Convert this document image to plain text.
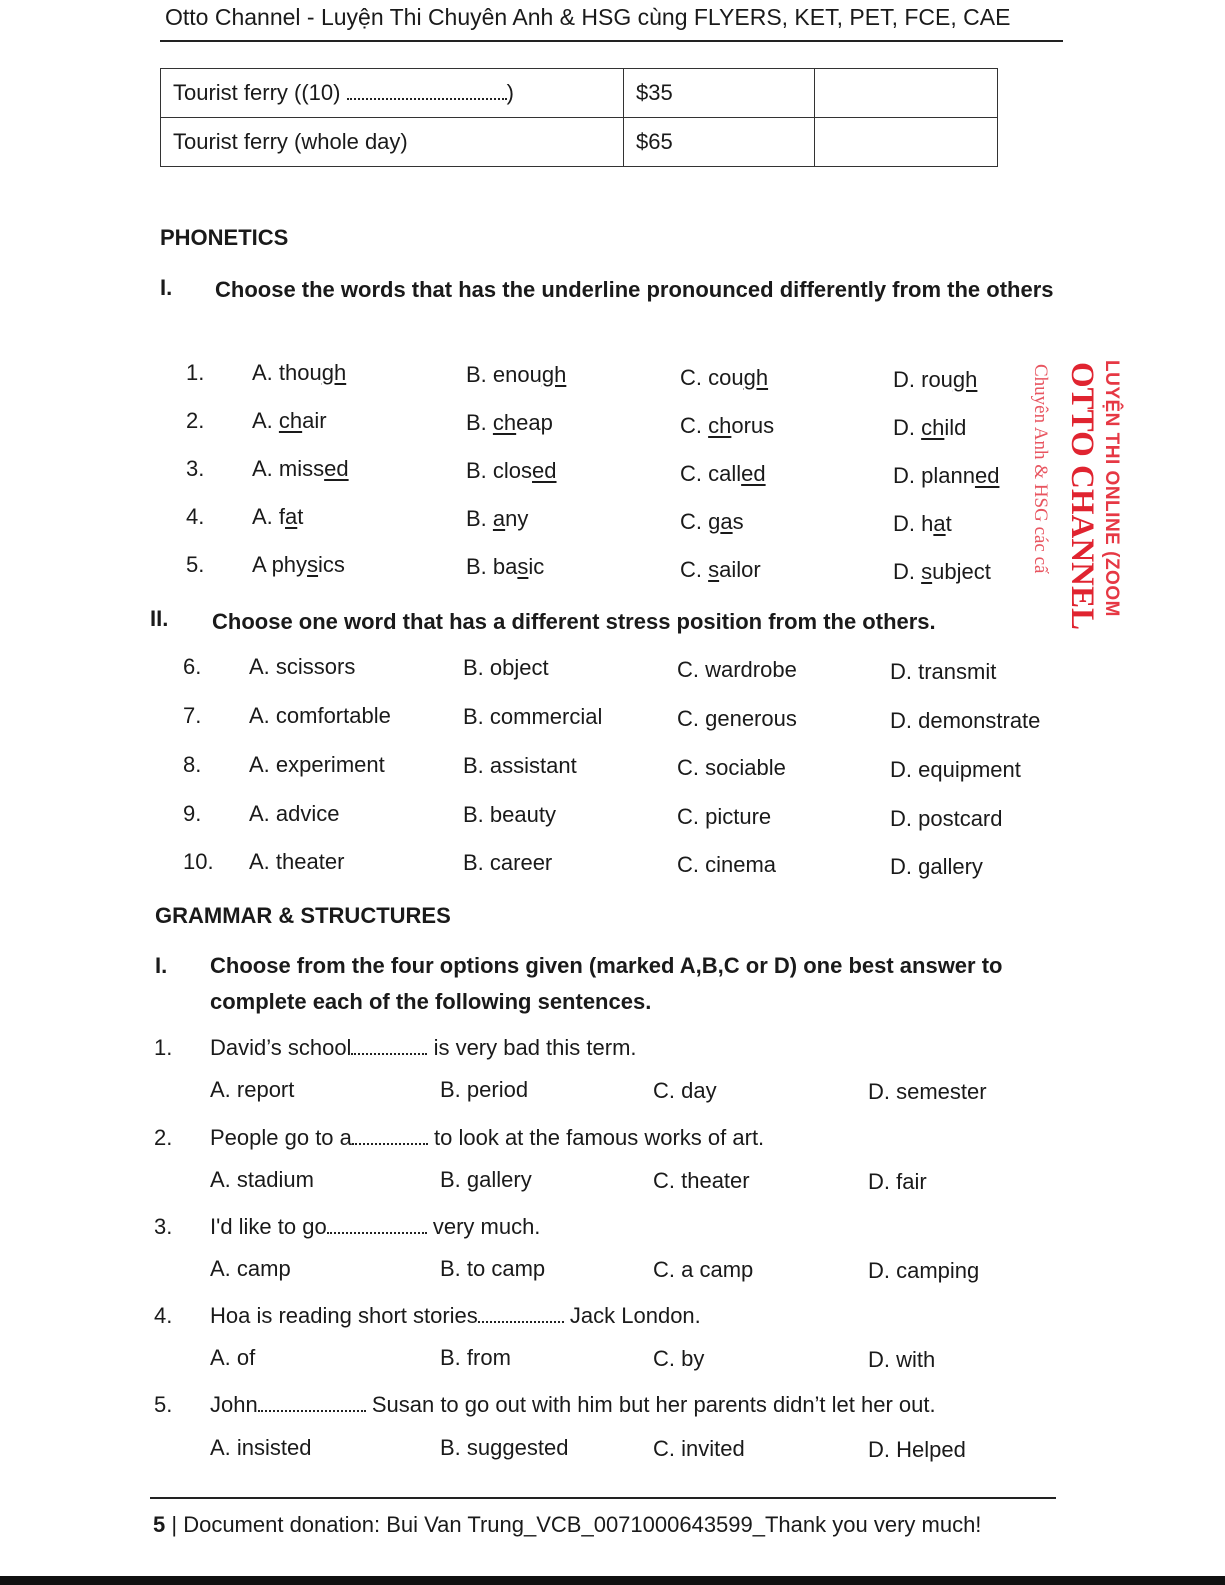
Otto Channel - Luyện Thi Chuyên Anh & HSG cùng FLYERS, KET, PET, FCE, CAE
Tourist ferry ((10) )	$35	
Tourist ferry (whole day)	$65	
PHONETICS
I. Choose the words that has the underline pronounced differently from the others
1. A. though	B. enough	C. cough	D. rough
2. A. chair	B. cheap	C. chorus	D. child
3. A. missed	B. closed	C. called	D. planned
4. A. fat	B. any	C. gas	D. hat
5. A physics	B. basic	C. sailor	D. subject
II. Choose one word that has a different stress position from the others.
6. A. scissors	B. object	C. wardrobe	D. transmit
7. A. comfortable	B. commercial	C. generous	D. demonstrate
8. A. experiment	B. assistant	C. sociable	D. equipment
9. A. advice	B. beauty	C. picture	D. postcard
10. A. theater	B. career	C. cinema	D. gallery
GRAMMAR & STRUCTURES
I. Choose from the four options given (marked A,B,C or D) one best answer to complete each of the following sentences.
1. David’s school	is very bad this term.
A. report	B. period	C. day	D. semester
2. People go to a	to look at the famous works of art.
A. stadium	B. gallery	C. theater	D. fair
3. I'd like to go	very much.
A. camp	B. to camp	C. a camp	D. camping
4. Hoa is reading short stories	Jack London.
A. of	B. from	C. by	D. with
5. John	Susan to go out with him but her parents didn’t let her out.
A. insisted	B. suggested	C. invited	D. Helped
LUYỆN THI ONLINE (ZOOM
OTTO CHANNEL
Chuyên Anh & HSG các cấ
5 | Document donation: Bui Van Trung_VCB_0071000643599_Thank you very much!
